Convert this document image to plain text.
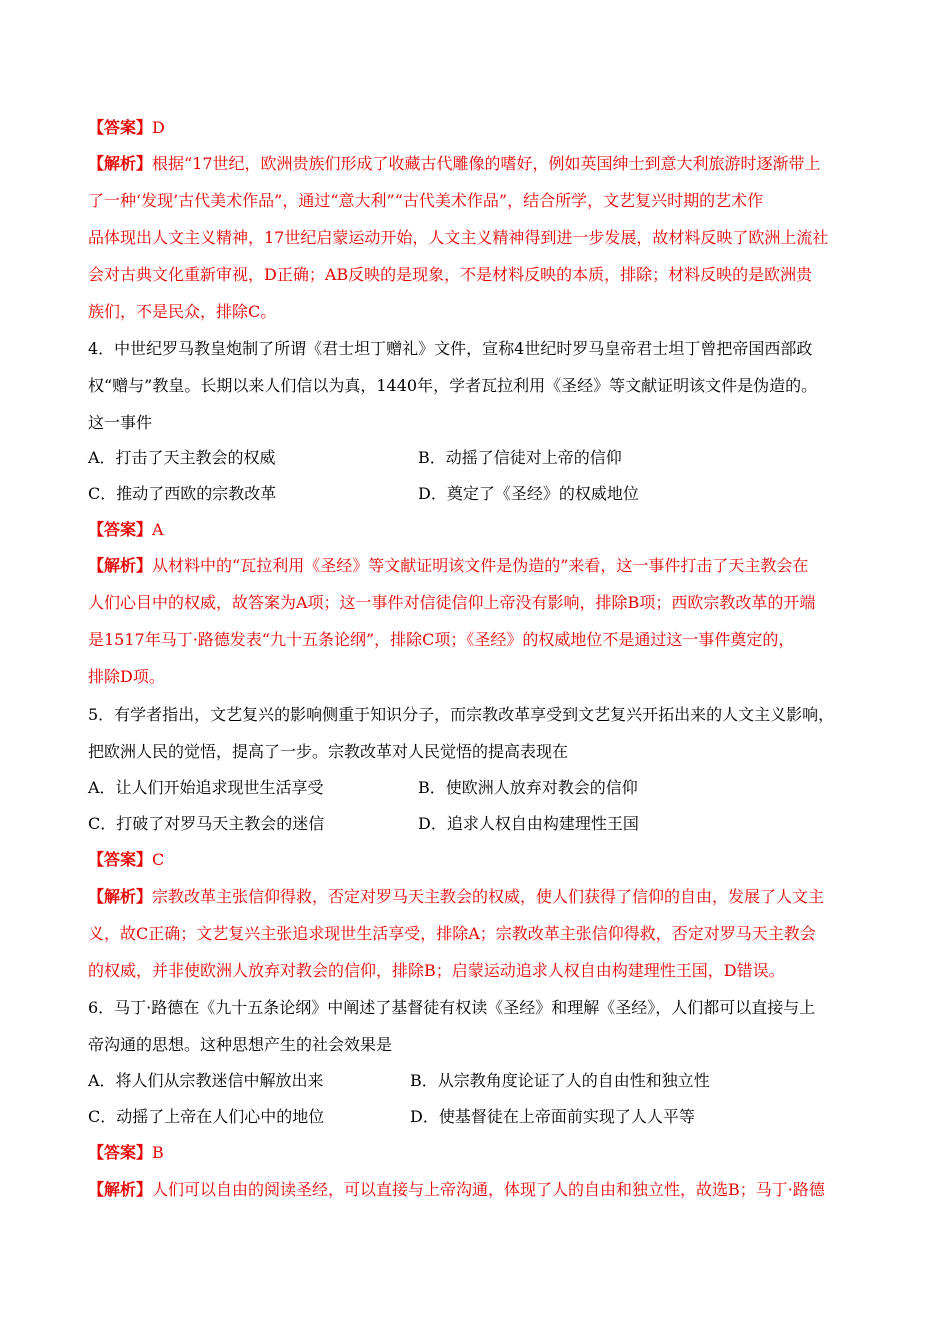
【答案】D
【解析】根据“17世纪，欧洲贵族们形成了收藏古代雕像的嗜好，例如英国绅士到意大利旅游时逐渐带上
了一种‘发现’古代美术作品”，通过“意大利”“古代美术作品”，结合所学，文艺复兴时期的艺术作
品体现出人文主义精神，17世纪启蒙运动开始，人文主义精神得到进一步发展，故材料反映了欧洲上流社
会对古典文化重新审视，D正确；AB反映的是现象，不是材料反映的本质，排除；材料反映的是欧洲贵
族们，不是民众，排除C。
4．中世纪罗马教皇炮制了所谓《君士坦丁赠礼》文件，宣称4世纪时罗马皇帝君士坦丁曾把帝国西部政
权“赠与”教皇。长期以来人们信以为真，1440年，学者瓦拉利用《圣经》等文献证明该文件是伪造的。
这一事件
A．打击了天主教会的权威	B．动摇了信徒对上帝的信仰
C．推动了西欧的宗教改革	D．奠定了《圣经》的权威地位
【答案】A
【解析】从材料中的“瓦拉利用《圣经》等文献证明该文件是伪造的”来看，这一事件打击了天主教会在
人们心目中的权威，故答案为A项；这一事件对信徒信仰上帝没有影响，排除B项；西欧宗教改革的开端
是1517年马丁·路德发表“九十五条论纲”，排除C项；《圣经》的权威地位不是通过这一事件奠定的，
排除D项。
5．有学者指出，文艺复兴的影响侧重于知识分子，而宗教改革享受到文艺复兴开拓出来的人文主义影响，
把欧洲人民的觉悟，提高了一步。宗教改革对人民觉悟的提高表现在
A．让人们开始追求现世生活享受	B．使欧洲人放弃对教会的信仰
C．打破了对罗马天主教会的迷信	D．追求人权自由构建理性王国
【答案】C
【解析】宗教改革主张信仰得救，否定对罗马天主教会的权威，使人们获得了信仰的自由，发展了人文主
义，故C正确；文艺复兴主张追求现世生活享受，排除A；宗教改革主张信仰得救，否定对罗马天主教会
的权威，并非使欧洲人放弃对教会的信仰，排除B；启蒙运动追求人权自由构建理性王国，D错误。
6．马丁·路德在《九十五条论纲》中阐述了基督徒有权读《圣经》和理解《圣经》，人们都可以直接与上
帝沟通的思想。这种思想产生的社会效果是
A．将人们从宗教迷信中解放出来	B．从宗教角度论证了人的自由性和独立性
C．动摇了上帝在人们心中的地位	D．使基督徒在上帝面前实现了人人平等
【答案】B
【解析】人们可以自由的阅读圣经，可以直接与上帝沟通，体现了人的自由和独立性，故选B；马丁·路德
